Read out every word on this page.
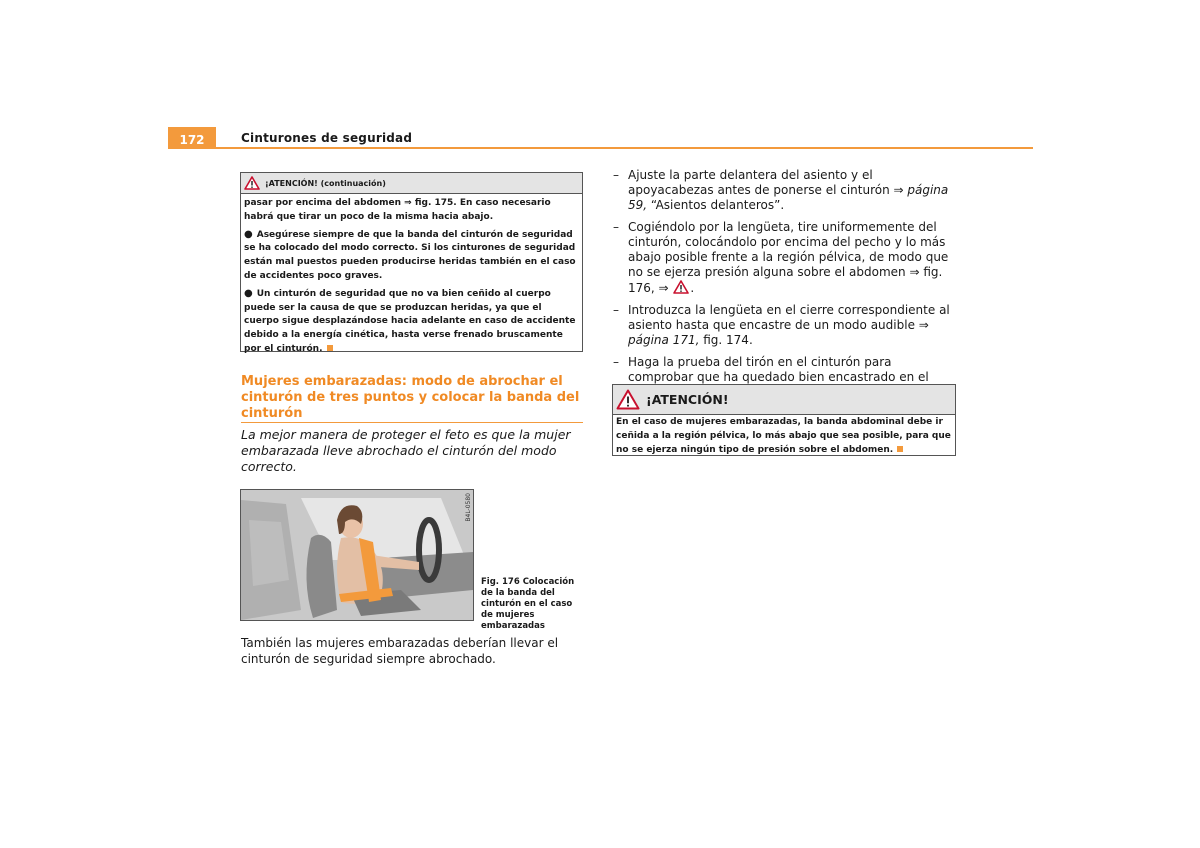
172	Cinturones de seguridad
¡ATENCIÓN! (continuación)

pasar por encima del abdomen ⇒ fig. 175. En caso necesario habrá que tirar un poco de la misma hacia abajo.

● Asegúrese siempre de que la banda del cinturón de seguridad se ha colocado del modo correcto. Si los cinturones de seguridad están mal puestos pueden producirse heridas también en el caso de accidentes poco graves.

● Un cinturón de seguridad que no va bien ceñido al cuerpo puede ser la causa de que se produzcan heridas, ya que el cuerpo sigue desplazándose hacia adelante en caso de accidente debido a la energía cinética, hasta verse frenado bruscamente por el cinturón.

Mujeres embarazadas: modo de abrochar el cinturón de tres puntos y colocar la banda del cinturón
La mejor manera de proteger el feto es que la mujer embarazada lleve abrochado el cinturón del modo correcto.
B4L-0580
Fig. 176 Colocación de la banda del cinturón en el caso de mujeres embarazadas
También las mujeres embarazadas deberían llevar el cinturón de seguridad siempre abrochado.
– Ajuste la parte delantera del asiento y el apoyacabezas antes de ponerse el cinturón ⇒ página 59, “Asientos delanteros”.
– Cogiéndolo por la lengüeta, tire uniformemente del cinturón, colocándolo por encima del pecho y lo más abajo posible frente a la región pélvica, de modo que no se ejerza presión alguna sobre el abdomen ⇒ fig. 176, ⇒ .
– Introduzca la lengüeta en el cierre correspondiente al asiento hasta que encastre de un modo audible ⇒ página 171, fig. 174.
– Haga la prueba del tirón en el cinturón para comprobar que ha quedado bien encastrado en el
¡ATENCIÓN!
En el caso de mujeres embarazadas, la banda abdominal debe ir ceñida a la región pélvica, lo más abajo que sea posible, para que no se ejerza ningún tipo de presión sobre el abdomen.
